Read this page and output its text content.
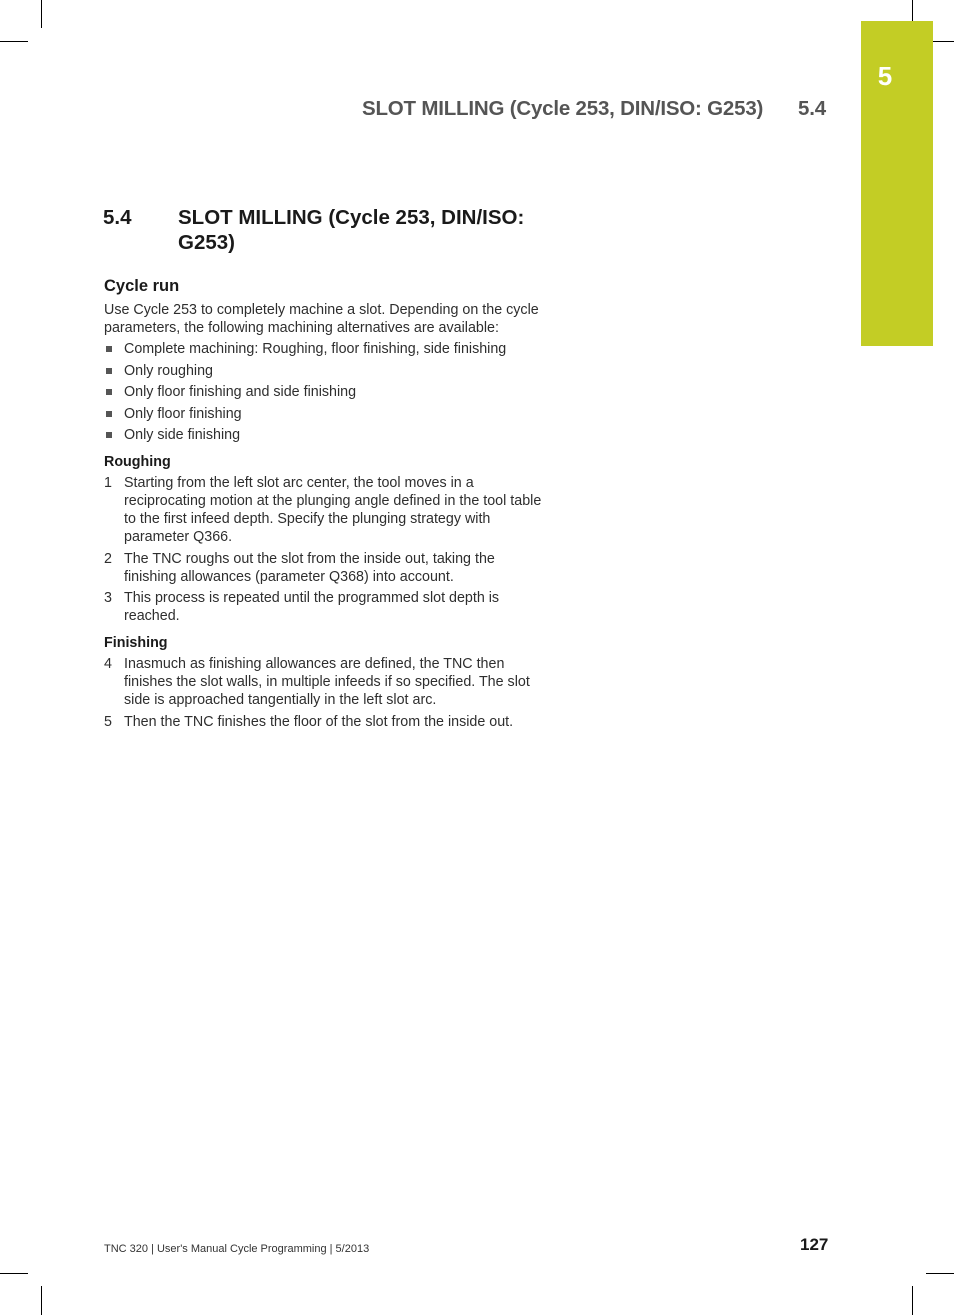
5
SLOT MILLING (Cycle 253, DIN/ISO: G253) 5.4
5.4 SLOT MILLING (Cycle 253, DIN/ISO: G253)
Cycle run

Use Cycle 253 to completely machine a slot. Depending on the cycle parameters, the following machining alternatives are available:

Complete machining: Roughing, floor finishing, side finishing
Only roughing
Only floor finishing and side finishing
Only floor finishing
Only side finishing
Roughing
1 Starting from the left slot arc center, the tool moves in a reciprocating motion at the plunging angle defined in the tool table to the first infeed depth. Specify the plunging strategy with parameter Q366.
2 The TNC roughs out the slot from the inside out, taking the finishing allowances (parameter Q368) into account.
3 This process is repeated until the programmed slot depth is reached.
Finishing
4 Inasmuch as finishing allowances are defined, the TNC then finishes the slot walls, in multiple infeeds if so specified. The slot side is approached tangentially in the left slot arc.
5 Then the TNC finishes the floor of the slot from the inside out.
TNC 320 | User's Manual Cycle Programming | 5/2013	127
